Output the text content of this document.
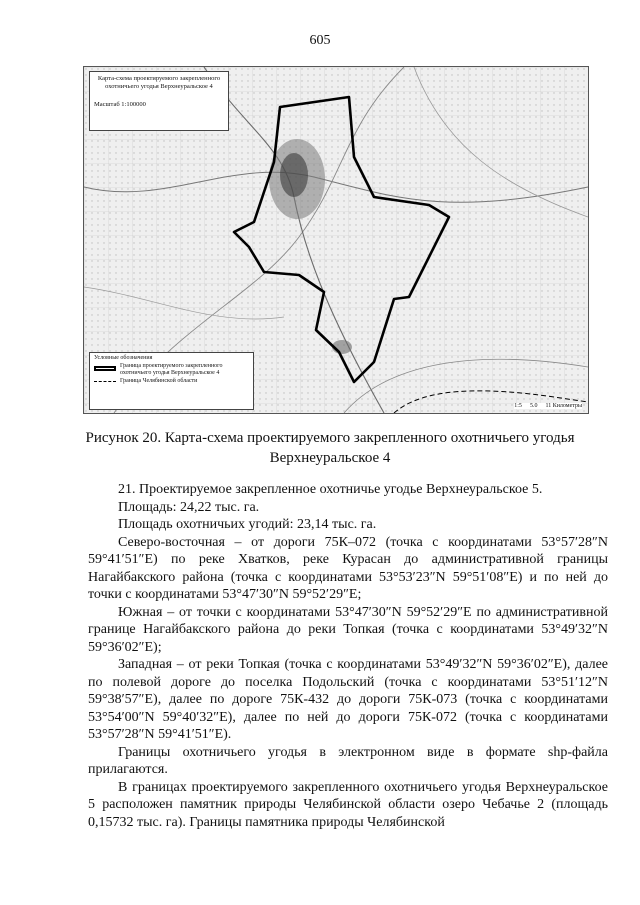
605
Карта-схема проектируемого закрепленного охотничьего угодья Верхнеуральское 4
Масштаб 1:100000
Условные обозначения
Граница проектируемого закрепленного охотничьего угодья Верхнеуральское 4
Граница Челябинской области
1:5 5.0 11 Километры
Рисунок 20. Карта-схема проектируемого закрепленного охотничьего угодья Верхнеуральское 4

21. Проектируемое закрепленное охотничье угодье Верхнеуральское 5.

Площадь: 24,22 тыс. га.

Площадь охотничьих угодий: 23,14 тыс. га.

Северо-восточная – от дороги 75К–072 (точка с координатами 53°57′28″N 59°41′51″E) по реке Хватков, реке Курасан до административной границы Нагайбакского района (точка с координатами 53°53′23″N 59°51′08″E) и по ней до точки с координатами 53°47′30″N 59°52′29″E;

Южная – от точки с координатами 53°47′30″N 59°52′29″E по административной границе Нагайбакского района до реки Топкая (точка с координатами 53°49′32″N 59°36′02″E);

Западная – от реки Топкая (точка с координатами 53°49′32″N 59°36′02″E), далее по полевой дороге до поселка Подольский (точка с координатами 53°51′12″N 59°38′57″E), далее по дороге 75К-432 до дороги 75К-073 (точка с координатами 53°54′00″N 59°40′32″E), далее по ней до дороги 75К-072 (точка с координатами 53°57′28″N 59°41′51″E).

Границы охотничьего угодья в электронном виде в формате shp-файла прилагаются.

В границах проектируемого закрепленного охотничьего угодья Верхнеуральское 5 расположен памятник природы Челябинской области озеро Чебачье 2 (площадь 0,15732 тыс. га). Границы памятника природы Челябинской
